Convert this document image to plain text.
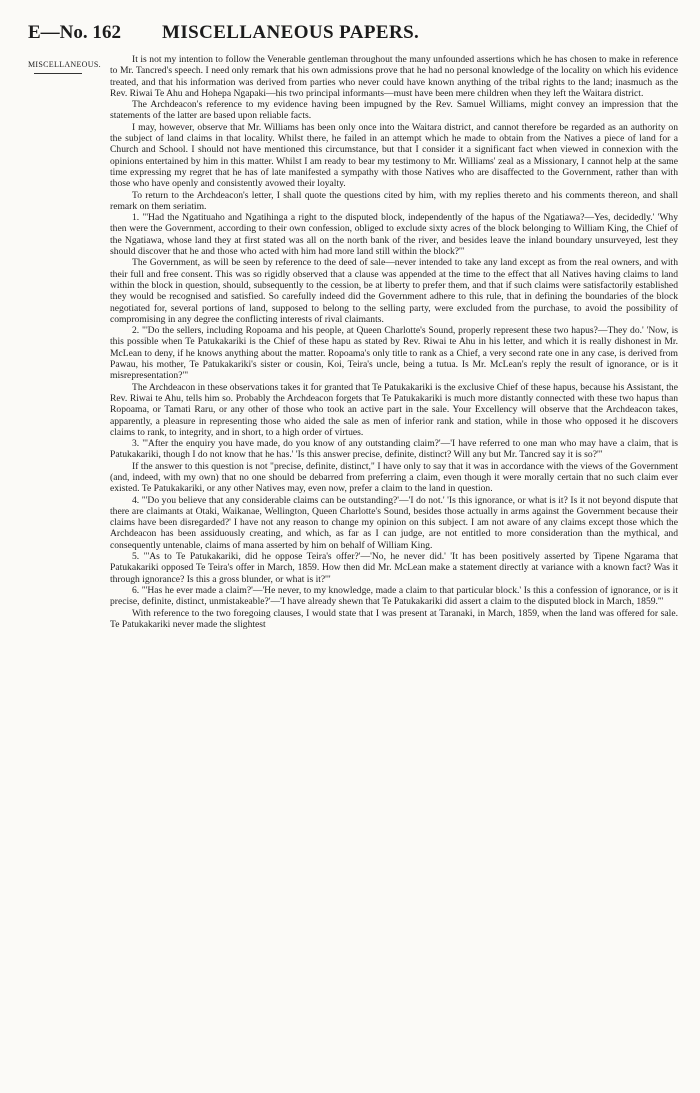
E—No. 1 62	MISCELLANEOUS PAPERS.
MISCELLANEOUS.	It is not my intention to follow the Venerable gentleman throughout the many unfounded assertions which he has chosen to make in reference to Mr. Tancred's speech. I need only remark that his own admissions prove that he had no personal knowledge of the locality on which his evidence treated, and that his information was derived from parties who never could have known anything of the tribal rights to the land; inasmuch as the Rev. Riwai Te Ahu and Hohepa Ngapaki—his two principal informants—must have been mere children when they left the Waitara district.

The Archdeacon's reference to my evidence having been impugned by the Rev. Samuel Williams, might convey an impression that the statements of the latter are based upon reliable facts.

I may, however, observe that Mr. Williams has been only once into the Waitara district, and cannot therefore be regarded as an authority on the subject of land claims in that locality. Whilst there, he failed in an attempt which he made to obtain from the Natives a piece of land for a Church and School. I should not have mentioned this circumstance, but that I consider it a significant fact when viewed in connexion with the opinions entertained by him in this matter. Whilst I am ready to bear my testimony to Mr. Williams' zeal as a Missionary, I cannot help at the same time expressing my regret that he has of late manifested a sympathy with those Natives who are disaffected to the Government, rather than with those who have openly and consistently avowed their loyalty.

To return to the Archdeacon's letter, I shall quote the questions cited by him, with my replies thereto and his comments thereon, and shall remark on them seriatim.

1. "'Had the Ngatituaho and Ngatihinga a right to the disputed block, independently of the hapus of the Ngatiawa?—Yes, decidedly.' 'Why then were the Government, according to their own confession, obliged to exclude sixty acres of the block belonging to William King, the Chief of the Ngatiawa, whose land they at first stated was all on the north bank of the river, and besides leave the inland boundary unsurveyed, lest they should discover that he and those who acted with him had more land still within the block?'"

The Government, as will be seen by reference to the deed of sale—never intended to take any land except as from the real owners, and with their full and free consent. This was so rigidly observed that a clause was appended at the time to the effect that all Natives having claims to land within the block in question, should, subsequently to the cession, be at liberty to prefer them, and that if such claims were satisfactorily established they would be recognised and satisfied. So carefully indeed did the Government adhere to this rule, that in defining the boundaries of the block negotiated for, several portions of land, supposed to belong to the selling party, were excluded from the purchase, to avoid the possibility of compromising in any degree the conflicting interests of rival claimants.

2. "'Do the sellers, including Ropoama and his people, at Queen Charlotte's Sound, properly represent these two hapus?—They do.' 'Now, is this possible when Te Patukakariki is the Chief of these hapu as stated by Rev. Riwai te Ahu in his letter, and which it is really dishonest in Mr. McLean to deny, if he knows anything about the matter. Ropoama's only title to rank as a Chief, a very second rate one in any case, is derived from Pawau, his mother, Te Patukakariki's sister or cousin, Koi, Teira's uncle, being a tutua. Is Mr. McLean's reply the result of ignorance, or is it misrepresentation?'"

The Archdeacon in these observations takes it for granted that Te Patukakariki is the exclusive Chief of these hapus, because his Assistant, the Rev. Riwai te Ahu, tells him so. Probably the Archdeacon forgets that Te Patukakariki is much more distantly connected with these two hapus than Ropoama, or Tamati Raru, or any other of those who took an active part in the sale. Your Excellency will observe that the Archdeacon takes, apparently, a pleasure in representing those who aided the sale as men of inferior rank and station, while in those who opposed it he discovers claims to rank, to integrity, and in short, to a high order of virtues.

3. "'After the enquiry you have made, do you know of any outstanding claim?'—'I have referred to one man who may have a claim, that is Patukakariki, though I do not know that he has.' 'Is this answer precise, definite, distinct? Will any but Mr. Tancred say it is so?'"

If the answer to this question is not "precise, definite, distinct," I have only to say that it was in accordance with the views of the Government (and, indeed, with my own) that no one should be debarred from preferring a claim, even though it were morally certain that no such claim ever existed. Te Patukakariki, or any other Natives may, even now, prefer a claim to the land in question.

4. "'Do you believe that any considerable claims can be outstanding?'—'I do not.' 'Is this ignorance, or what is it? Is it not beyond dispute that there are claimants at Otaki, Waikanae, Wellington, Queen Charlotte's Sound, besides those actually in arms against the Government because their claims have been disregarded?' I have not any reason to change my opinion on this subject. I am not aware of any claims except those which the Archdeacon has been assiduously creating, and which, as far as I can judge, are not entitled to more consideration than the mythical, and consequently untenable, claims of mana asserted by him on behalf of William King.

5. "'As to Te Patukakariki, did he oppose Teira's offer?'—'No, he never did.' 'It has been positively asserted by Tipene Ngarama that Patukakariki opposed Te Teira's offer in March, 1859. How then did Mr. McLean make a statement directly at variance with a known fact? Was it through ignorance? Is this a gross blunder, or what is it?'"

6. "'Has he ever made a claim?'—'He never, to my knowledge, made a claim to that particular block.' Is this a confession of ignorance, or is it precise, definite, distinct, unmistakeable?'—'I have already shewn that Te Patukakariki did assert a claim to the disputed block in March, 1859.'"

With reference to the two foregoing clauses, I would state that I was present at Taranaki, in March, 1859, when the land was offered for sale. Te Patukakariki never made the slightest
